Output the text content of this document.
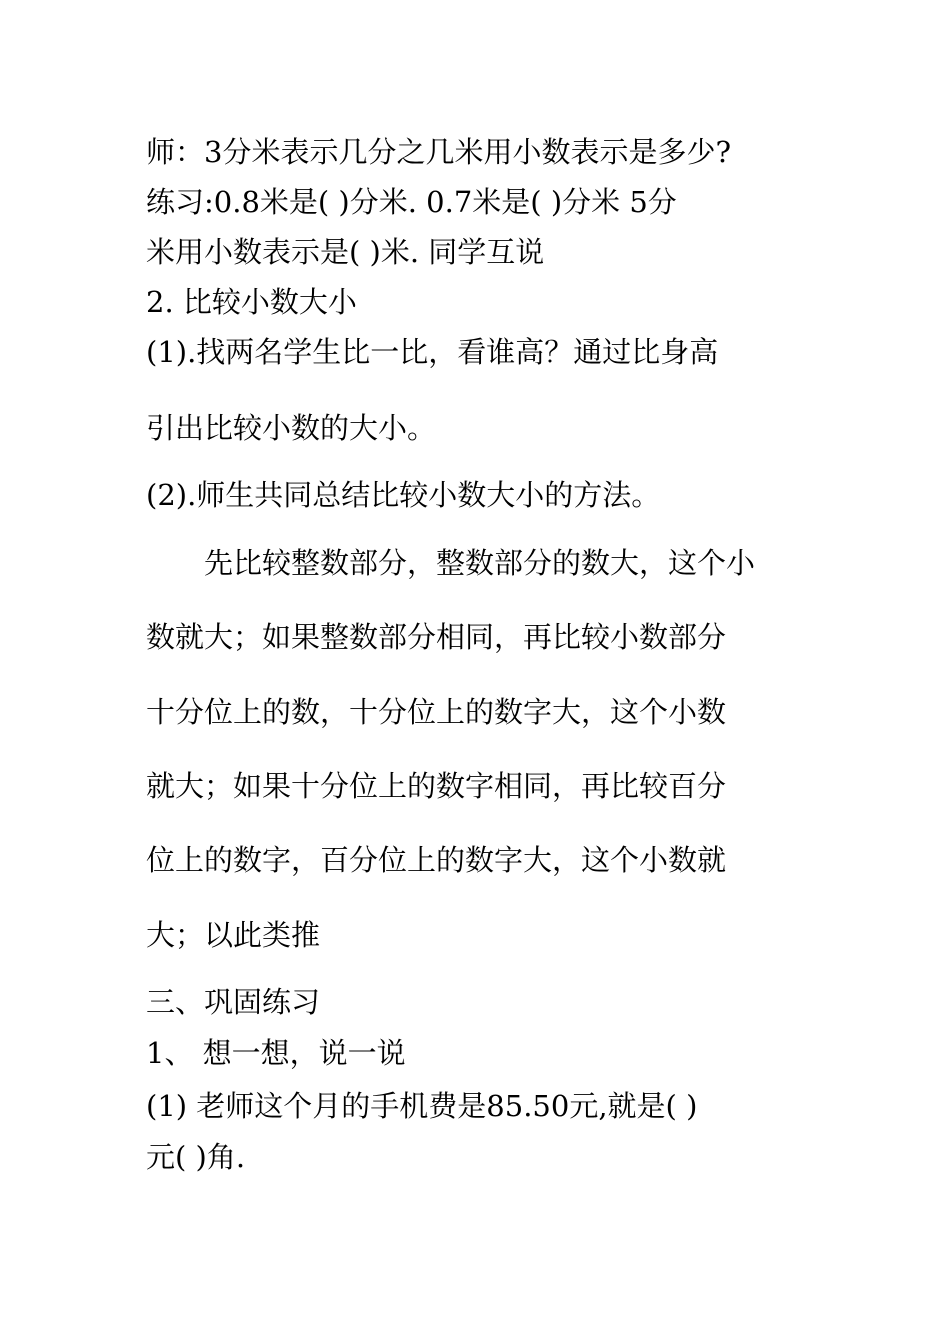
师：3分米表示几分之几米用小数表示是多少?
练习:0.8米是( )分米. 0.7米是( )分米 5分
米用小数表示是( )米. 同学互说
2. 比较小数大小
(1).找两名学生比一比，看谁高？通过比身高
引出比较小数的大小。
(2).师生共同总结比较小数大小的方法。
　　先比较整数部分，整数部分的数大，这个小
数就大；如果整数部分相同，再比较小数部分
十分位上的数，十分位上的数字大，这个小数
就大；如果十分位上的数字相同，再比较百分
位上的数字，百分位上的数字大，这个小数就
大；以此类推
三、巩固练习
1、 想一想，说一说
(1) 老师这个月的手机费是85.50元,就是( )
元( )角.
